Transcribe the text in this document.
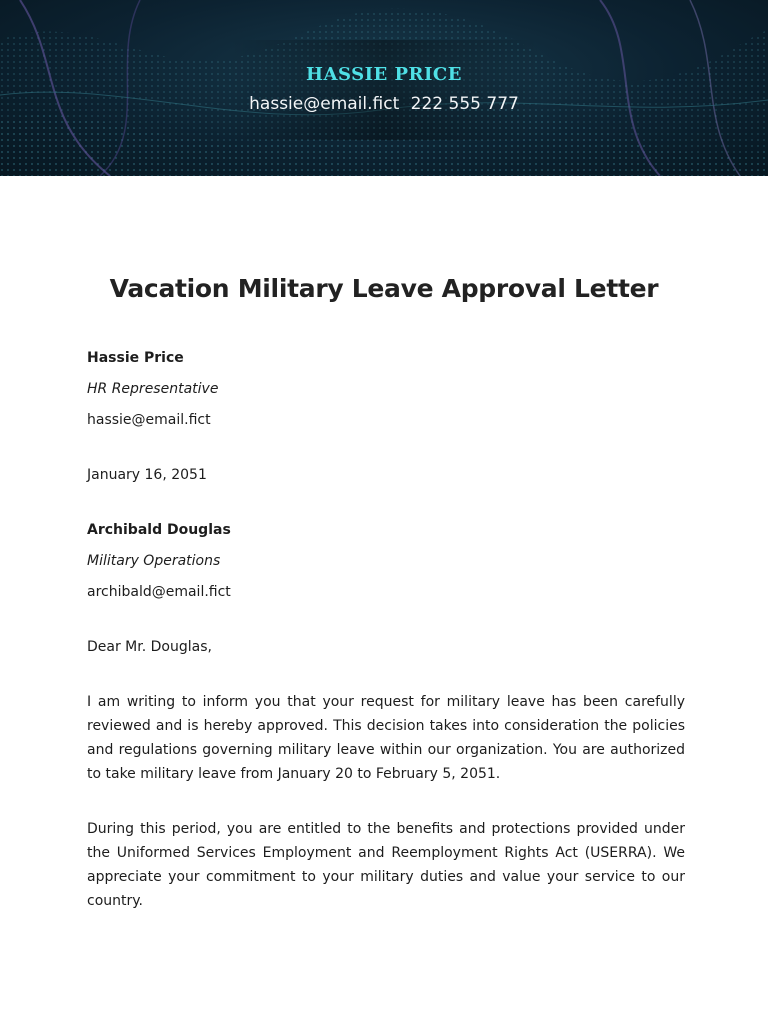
HASSIE PRICE
hassie@email.fict 222 555 777
Vacation Military Leave Approval Letter
Hassie Price
HR Representative
hassie@email.fict
January 16, 2051
Archibald Douglas
Military Operations
archibald@email.fict
Dear Mr. Douglas,

I am writing to inform you that your request for military leave has been carefully reviewed and is hereby approved. This decision takes into consideration the policies and regulations governing military leave within our organization. You are authorized to take military leave from January 20 to February 5, 2051.

During this period, you are entitled to the benefits and protections provided under the Uniformed Services Employment and Reemployment Rights Act (USERRA). We appreciate your commitment to your military duties and value your service to our country.
